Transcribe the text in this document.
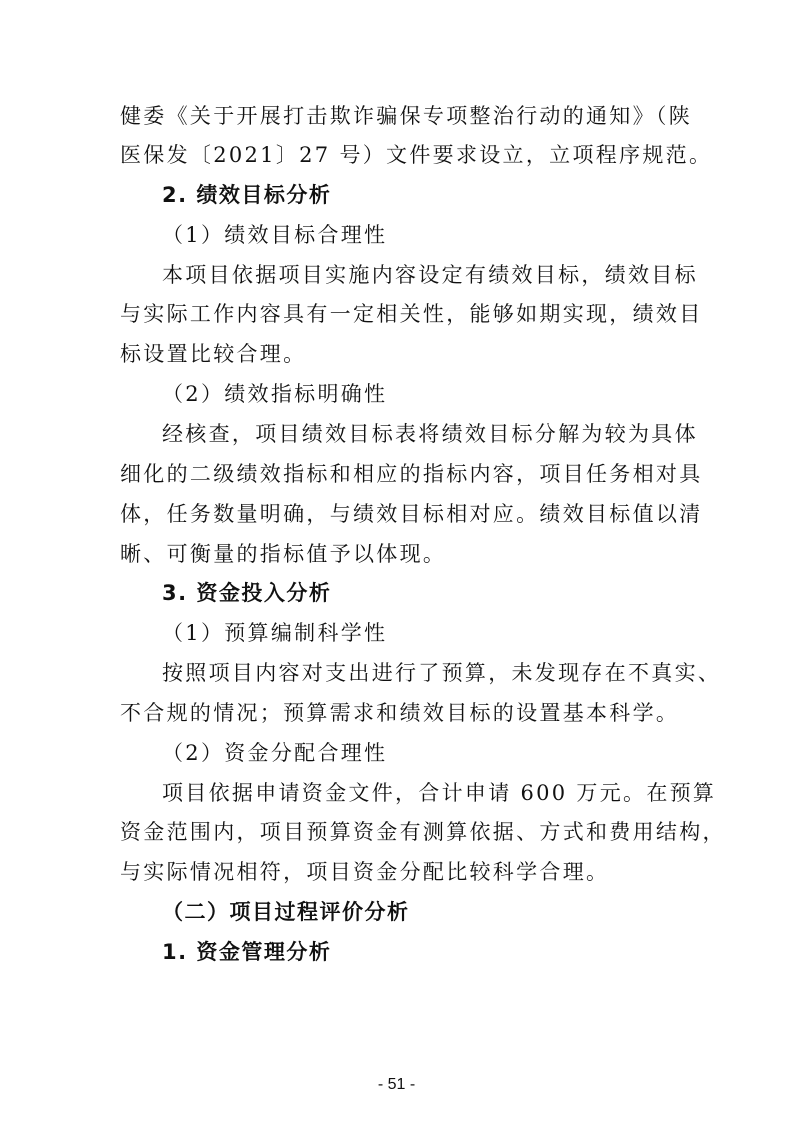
健委《关于开展打击欺诈骗保专项整治行动的通知》（陕
医保发〔2021〕27 号）文件要求设立，立项程序规范。
2. 绩效目标分析
（1）绩效目标合理性
本项目依据项目实施内容设定有绩效目标，绩效目标
与实际工作内容具有一定相关性，能够如期实现，绩效目
标设置比较合理。
（2）绩效指标明确性
经核查，项目绩效目标表将绩效目标分解为较为具体
细化的二级绩效指标和相应的指标内容，项目任务相对具
体，任务数量明确，与绩效目标相对应。绩效目标值以清
晰、可衡量的指标值予以体现。
3. 资金投入分析
（1）预算编制科学性
按照项目内容对支出进行了预算，未发现存在不真实、
不合规的情况；预算需求和绩效目标的设置基本科学。
（2）资金分配合理性
项目依据申请资金文件，合计申请 600 万元。在预算
资金范围内，项目预算资金有测算依据、方式和费用结构，
与实际情况相符，项目资金分配比较科学合理。
（二）项目过程评价分析
1. 资金管理分析
- 51 -
